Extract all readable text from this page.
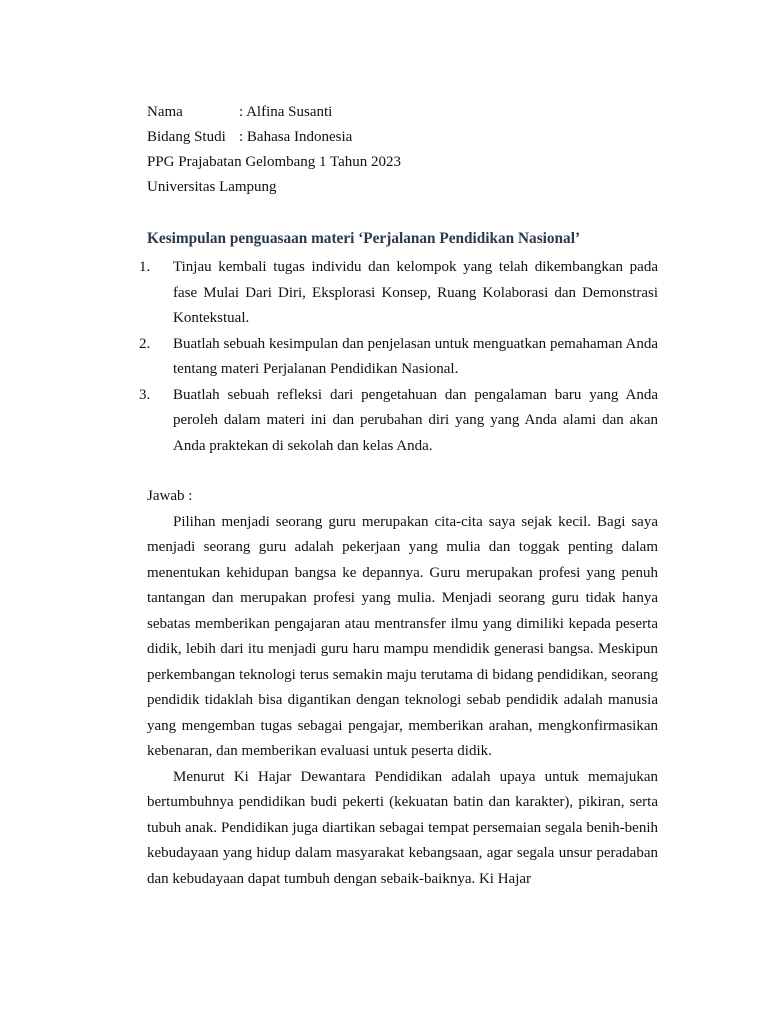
Nama	: Alfina Susanti
Bidang Studi : Bahasa Indonesia
PPG Prajabatan Gelombang 1 Tahun 2023
Universitas Lampung
Kesimpulan penguasaan materi ‘Perjalanan Pendidikan Nasional’
1. Tinjau kembali tugas individu dan kelompok yang telah dikembangkan pada fase Mulai Dari Diri, Eksplorasi Konsep, Ruang Kolaborasi dan Demonstrasi Kontekstual.
2. Buatlah sebuah kesimpulan dan penjelasan untuk menguatkan pemahaman Anda tentang materi Perjalanan Pendidikan Nasional.
3. Buatlah sebuah refleksi dari pengetahuan dan pengalaman baru yang Anda peroleh dalam materi ini dan perubahan diri yang yang Anda alami dan akan Anda praktekan di sekolah dan kelas Anda.
Jawab :

Pilihan menjadi seorang guru merupakan cita-cita saya sejak kecil. Bagi saya menjadi seorang guru adalah pekerjaan yang mulia dan toggak penting dalam menentukan kehidupan bangsa ke depannya. Guru merupakan profesi yang penuh tantangan dan merupakan profesi yang mulia. Menjadi seorang guru tidak hanya sebatas memberikan pengajaran atau mentransfer ilmu yang dimiliki kepada peserta didik, lebih dari itu menjadi guru haru mampu mendidik generasi bangsa. Meskipun perkembangan teknologi terus semakin maju terutama di bidang pendidikan, seorang pendidik tidaklah bisa digantikan dengan teknologi sebab pendidik adalah manusia yang mengemban tugas sebagai pengajar, memberikan arahan, mengkonfirmasikan kebenaran, dan memberikan evaluasi untuk peserta didik.

Menurut Ki Hajar Dewantara Pendidikan adalah upaya untuk memajukan bertumbuhnya pendidikan budi pekerti (kekuatan batin dan karakter), pikiran, serta tubuh anak. Pendidikan juga diartikan sebagai tempat persemaian segala benih-benih kebudayaan yang hidup dalam masyarakat kebangsaan, agar segala unsur peradaban dan kebudayaan dapat tumbuh dengan sebaik-baiknya. Ki Hajar
